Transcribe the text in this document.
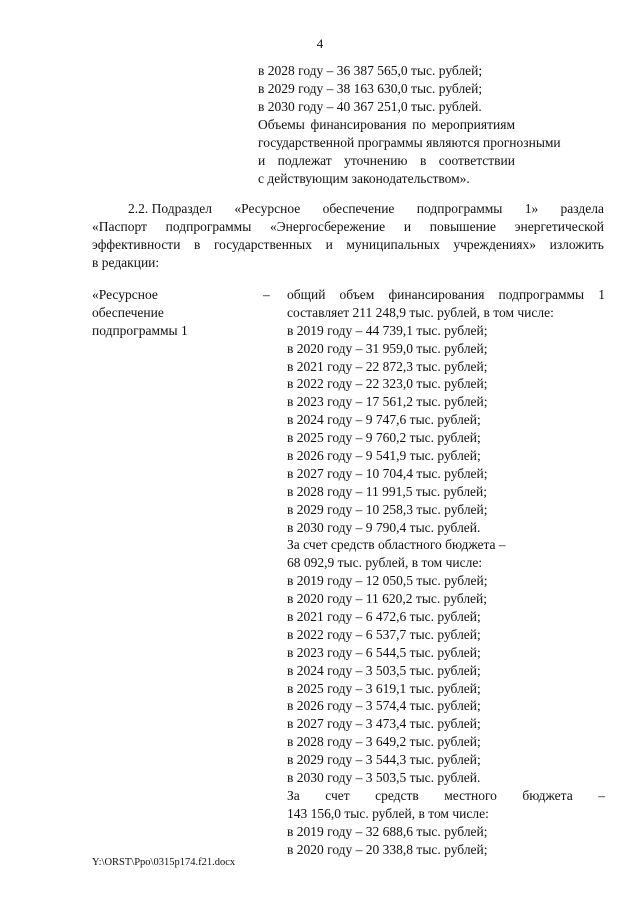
4
в 2028 году – 36 387 565,0 тыс. рублей;
в 2029 году – 38 163 630,0 тыс. рублей;
в 2030 году – 40 367 251,0 тыс. рублей.
Объемы финансирования по мероприятиям
государственной программы являются прогнозными
и подлежат уточнению в соответствии
с действующим законодательством».
2.2. Подраздел «Ресурсное обеспечение подпрограммы 1» раздела
«Паспорт подпрограммы «Энергосбережение и повышение энергетической
эффективности в государственных и муниципальных учреждениях» изложить
в редакции:
«Ресурсное
обеспечение
подпрограммы 1
– общий объем финансирования подпрограммы 1
составляет 211 248,9 тыс. рублей, в том числе:
в 2019 году – 44 739,1 тыс. рублей;
в 2020 году – 31 959,0 тыс. рублей;
в 2021 году – 22 872,3 тыс. рублей;
в 2022 году – 22 323,0 тыс. рублей;
в 2023 году – 17 561,2 тыс. рублей;
в 2024 году – 9 747,6 тыс. рублей;
в 2025 году – 9 760,2 тыс. рублей;
в 2026 году – 9 541,9 тыс. рублей;
в 2027 году – 10 704,4 тыс. рублей;
в 2028 году – 11 991,5 тыс. рублей;
в 2029 году – 10 258,3 тыс. рублей;
в 2030 году – 9 790,4 тыс. рублей.
За счет средств областного бюджета –
68 092,9 тыс. рублей, в том числе:
в 2019 году – 12 050,5 тыс. рублей;
в 2020 году – 11 620,2 тыс. рублей;
в 2021 году – 6 472,6 тыс. рублей;
в 2022 году – 6 537,7 тыс. рублей;
в 2023 году – 6 544,5 тыс. рублей;
в 2024 году – 3 503,5 тыс. рублей;
в 2025 году – 3 619,1 тыс. рублей;
в 2026 году – 3 574,4 тыс. рублей;
в 2027 году – 3 473,4 тыс. рублей;
в 2028 году – 3 649,2 тыс. рублей;
в 2029 году – 3 544,3 тыс. рублей;
в 2030 году – 3 503,5 тыс. рублей.
За счет средств местного бюджета –
143 156,0 тыс. рублей, в том числе:
в 2019 году – 32 688,6 тыс. рублей;
в 2020 году – 20 338,8 тыс. рублей;
Y:\ORST\Ppo\0315p174.f21.docx
